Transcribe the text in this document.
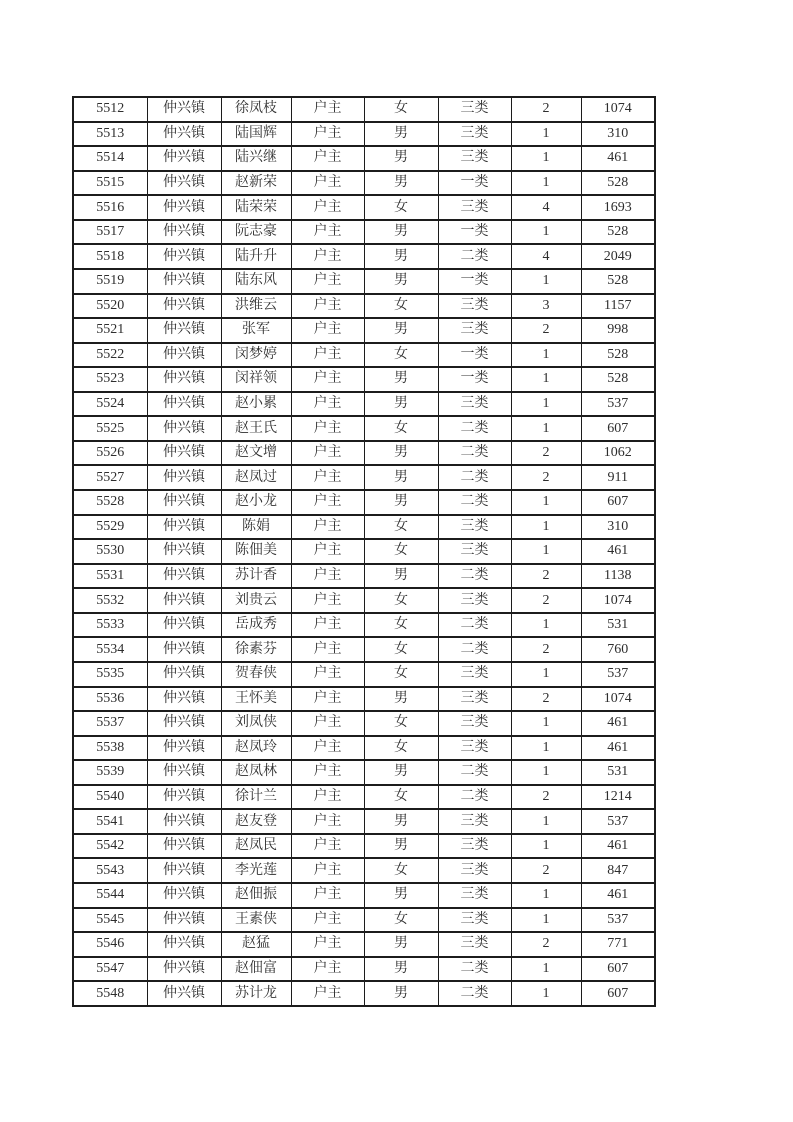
5512	仲兴镇	徐凤枝	户主	女	三类	2	1074
5513	仲兴镇	陆国辉	户主	男	三类	1	310
5514	仲兴镇	陆兴继	户主	男	三类	1	461
5515	仲兴镇	赵新荣	户主	男	一类	1	528
5516	仲兴镇	陆荣荣	户主	女	三类	4	1693
5517	仲兴镇	阮志豪	户主	男	一类	1	528
5518	仲兴镇	陆升升	户主	男	二类	4	2049
5519	仲兴镇	陆东风	户主	男	一类	1	528
5520	仲兴镇	洪维云	户主	女	三类	3	1157
5521	仲兴镇	张军	户主	男	三类	2	998
5522	仲兴镇	闵梦婷	户主	女	一类	1	528
5523	仲兴镇	闵祥领	户主	男	一类	1	528
5524	仲兴镇	赵小累	户主	男	三类	1	537
5525	仲兴镇	赵王氏	户主	女	二类	1	607
5526	仲兴镇	赵文增	户主	男	二类	2	1062
5527	仲兴镇	赵凤过	户主	男	二类	2	911
5528	仲兴镇	赵小龙	户主	男	二类	1	607
5529	仲兴镇	陈娟	户主	女	三类	1	310
5530	仲兴镇	陈佃美	户主	女	三类	1	461
5531	仲兴镇	苏计香	户主	男	二类	2	1138
5532	仲兴镇	刘贵云	户主	女	三类	2	1074
5533	仲兴镇	岳成秀	户主	女	二类	1	531
5534	仲兴镇	徐素芬	户主	女	二类	2	760
5535	仲兴镇	贺春侠	户主	女	三类	1	537
5536	仲兴镇	王怀美	户主	男	三类	2	1074
5537	仲兴镇	刘凤侠	户主	女	三类	1	461
5538	仲兴镇	赵凤玲	户主	女	三类	1	461
5539	仲兴镇	赵凤林	户主	男	二类	1	531
5540	仲兴镇	徐计兰	户主	女	二类	2	1214
5541	仲兴镇	赵友登	户主	男	三类	1	537
5542	仲兴镇	赵凤民	户主	男	三类	1	461
5543	仲兴镇	李光莲	户主	女	三类	2	847
5544	仲兴镇	赵佃振	户主	男	三类	1	461
5545	仲兴镇	王素侠	户主	女	三类	1	537
5546	仲兴镇	赵猛	户主	男	三类	2	771
5547	仲兴镇	赵佃富	户主	男	二类	1	607
5548	仲兴镇	苏计龙	户主	男	二类	1	607
